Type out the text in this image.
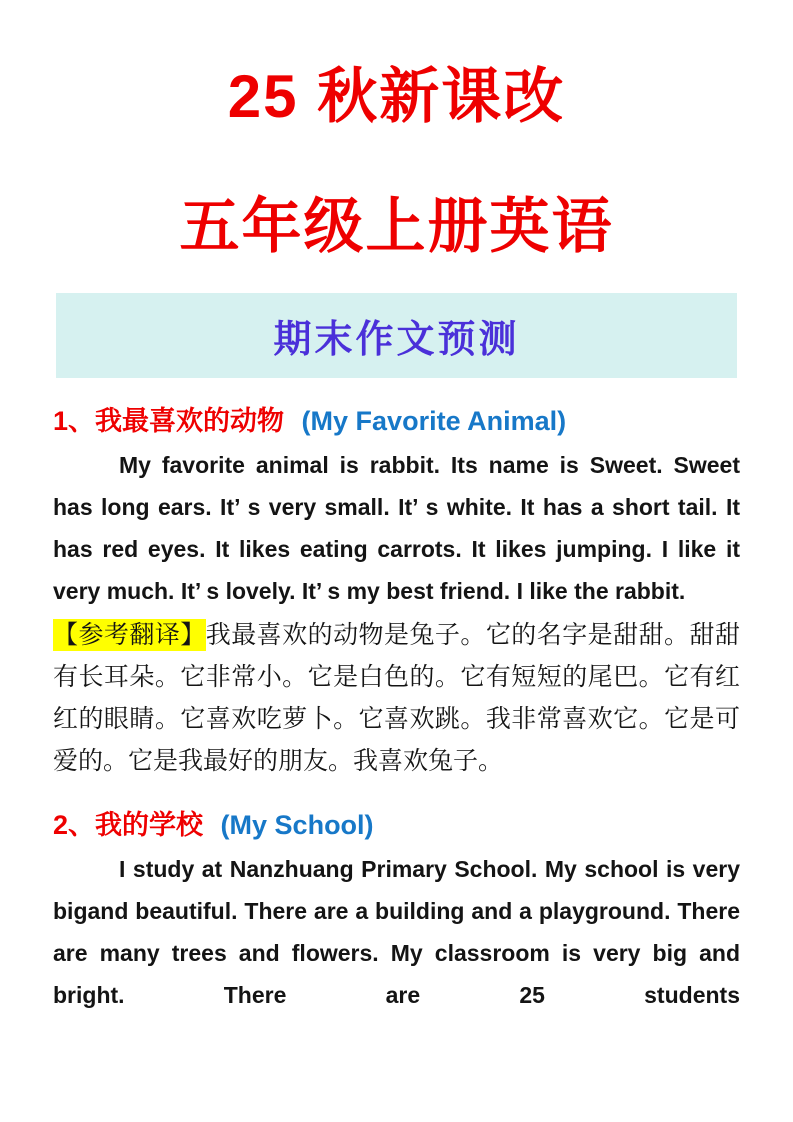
25 秋新课改
五年级上册英语
期末作文预测
1、我最喜欢的动物 (My Favorite Animal)

My favorite animal is rabbit. Its name is Sweet. Sweet has long ears. It’ s very small. It’ s white. It has a short tail. It has red eyes. It likes eating carrots. It likes jumping. I like it very much. It’ s lovely. It’ s my best friend. I like the rabbit.

【参考翻译】我最喜欢的动物是兔子。它的名字是甜甜。甜甜有长耳朵。它非常小。它是白色的。它有短短的尾巴。它有红红的眼睛。它喜欢吃萝卜。它喜欢跳。我非常喜欢它。它是可爱的。它是我最好的朋友。我喜欢兔子。

2、我的学校 (My School)

I study at Nanzhuang Primary School. My school is very bigand beautiful. There are a building and a playground. There are many trees and flowers. My classroom is very big and bright. There are 25 students
